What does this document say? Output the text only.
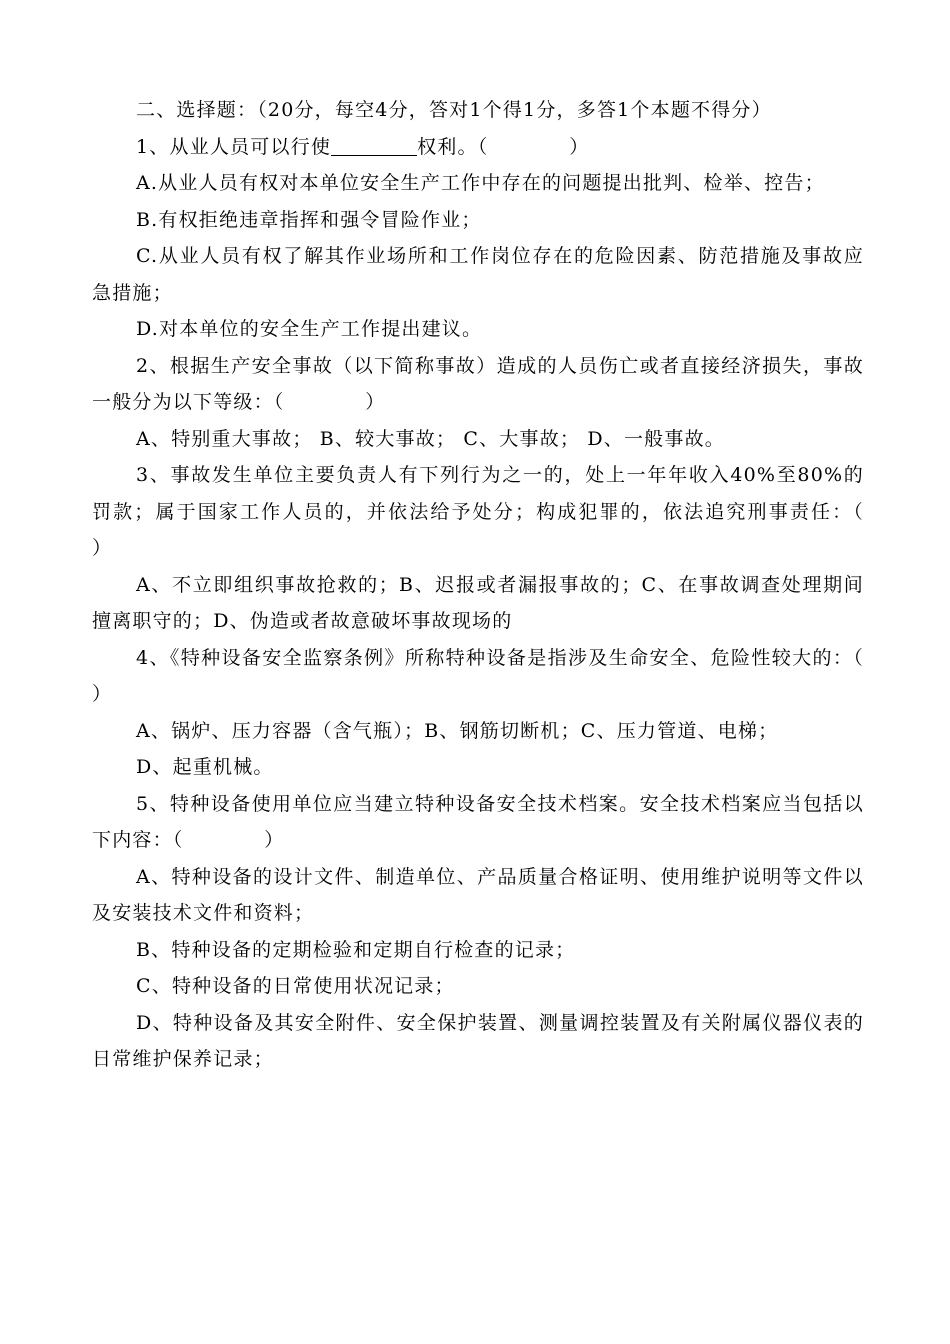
二、选择题：（20分，每空4分，答对1个得1分，多答1个本题不得分）

1、从业人员可以行使	权利。（　　　　）

A.从业人员有权对本单位安全生产工作中存在的问题提出批判、检举、控告；

B.有权拒绝违章指挥和强令冒险作业；

C.从业人员有权了解其作业场所和工作岗位存在的危险因素、防范措施及事故应急措施；

D.对本单位的安全生产工作提出建议。

2、根据生产安全事故（以下简称事故）造成的人员伤亡或者直接经济损失，事故一般分为以下等级：（　　　　）

A、特别重大事故； B、较大事故； C、大事故； D、一般事故。

3、事故发生单位主要负责人有下列行为之一的，处上一年年收入40%至80%的罚款；属于国家工作人员的，并依法给予处分；构成犯罪的，依法追究刑事责任：（　　　　）

A、不立即组织事故抢救的；B、迟报或者漏报事故的；C、在事故调查处理期间擅离职守的；D、伪造或者故意破坏事故现场的

4、《特种设备安全监察条例》所称特种设备是指涉及生命安全、危险性较大的：（　　　　）

A、锅炉、压力容器（含气瓶）；B、钢筋切断机；C、压力管道、电梯；

D、起重机械。

5、特种设备使用单位应当建立特种设备安全技术档案。安全技术档案应当包括以下内容：（　　　　）

A、特种设备的设计文件、制造单位、产品质量合格证明、使用维护说明等文件以及安装技术文件和资料；

B、特种设备的定期检验和定期自行检查的记录；

C、特种设备的日常使用状况记录；

D、特种设备及其安全附件、安全保护装置、测量调控装置及有关附属仪器仪表的日常维护保养记录；
